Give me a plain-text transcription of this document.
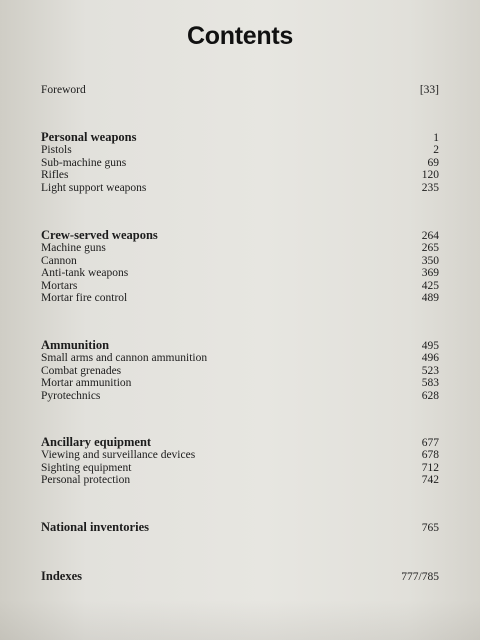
Contents
Foreword	[33]
Personal weapons	1
Pistols	2
Sub-machine guns	69
Rifles	120
Light support weapons	235
Crew-served weapons	264
Machine guns	265
Cannon	350
Anti-tank weapons	369
Mortars	425
Mortar fire control	489
Ammunition	495
Small arms and cannon ammunition	496
Combat grenades	523
Mortar ammunition	583
Pyrotechnics	628
Ancillary equipment	677
Viewing and surveillance devices	678
Sighting equipment	712
Personal protection	742
National inventories	765
Indexes	777/785
